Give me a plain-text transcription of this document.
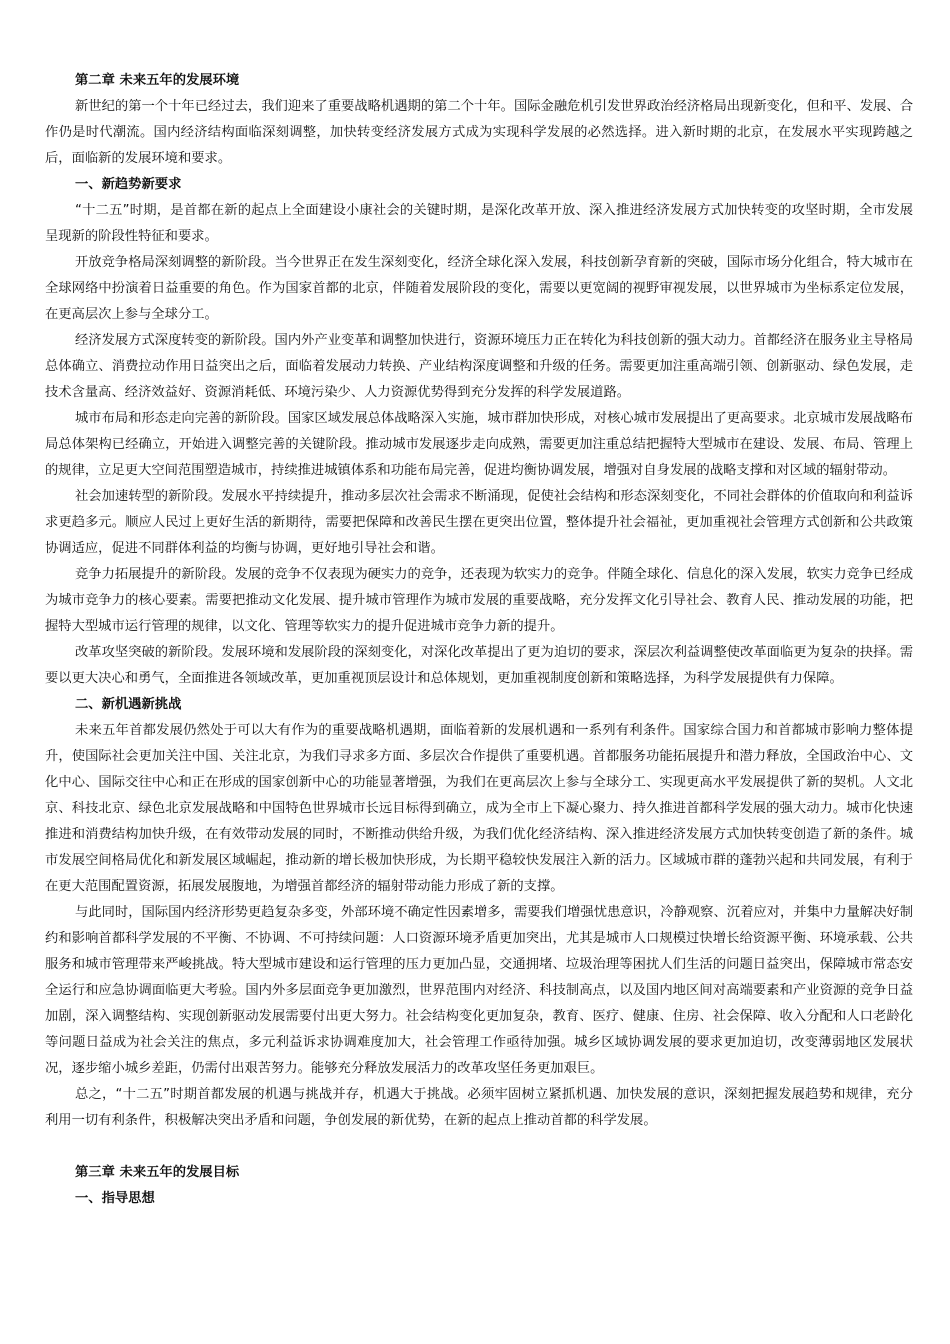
第二章 未来五年的发展环境

新世纪的第一个十年已经过去，我们迎来了重要战略机遇期的第二个十年。国际金融危机引发世界政治经济格局出现新变化，但和平、发展、合作仍是时代潮流。国内经济结构面临深刻调整，加快转变经济发展方式成为实现科学发展的必然选择。进入新时期的北京，在发展水平实现跨越之后，面临新的发展环境和要求。

一、新趋势新要求

“十二五”时期，是首都在新的起点上全面建设小康社会的关键时期，是深化改革开放、深入推进经济发展方式加快转变的攻坚时期，全市发展呈现新的阶段性特征和要求。

开放竞争格局深刻调整的新阶段。当今世界正在发生深刻变化，经济全球化深入发展，科技创新孕育新的突破，国际市场分化组合，特大城市在全球网络中扮演着日益重要的角色。作为国家首都的北京，伴随着发展阶段的变化，需要以更宽阔的视野审视发展，以世界城市为坐标系定位发展，在更高层次上参与全球分工。

经济发展方式深度转变的新阶段。国内外产业变革和调整加快进行，资源环境压力正在转化为科技创新的强大动力。首都经济在服务业主导格局总体确立、消费拉动作用日益突出之后，面临着发展动力转换、产业结构深度调整和升级的任务。需要更加注重高端引领、创新驱动、绿色发展，走技术含量高、经济效益好、资源消耗低、环境污染少、人力资源优势得到充分发挥的科学发展道路。

城市布局和形态走向完善的新阶段。国家区域发展总体战略深入实施，城市群加快形成，对核心城市发展提出了更高要求。北京城市发展战略布局总体架构已经确立，开始进入调整完善的关键阶段。推动城市发展逐步走向成熟，需要更加注重总结把握特大型城市在建设、发展、布局、管理上的规律，立足更大空间范围塑造城市，持续推进城镇体系和功能布局完善，促进均衡协调发展，增强对自身发展的战略支撑和对区域的辐射带动。

社会加速转型的新阶段。发展水平持续提升，推动多层次社会需求不断涌现，促使社会结构和形态深刻变化，不同社会群体的价值取向和利益诉求更趋多元。顺应人民过上更好生活的新期待，需要把保障和改善民生摆在更突出位置，整体提升社会福祉，更加重视社会管理方式创新和公共政策协调适应，促进不同群体利益的均衡与协调，更好地引导社会和谐。

竞争力拓展提升的新阶段。发展的竞争不仅表现为硬实力的竞争，还表现为软实力的竞争。伴随全球化、信息化的深入发展，软实力竞争已经成为城市竞争力的核心要素。需要把推动文化发展、提升城市管理作为城市发展的重要战略，充分发挥文化引导社会、教育人民、推动发展的功能，把握特大型城市运行管理的规律，以文化、管理等软实力的提升促进城市竞争力新的提升。

改革攻坚突破的新阶段。发展环境和发展阶段的深刻变化，对深化改革提出了更为迫切的要求，深层次利益调整使改革面临更为复杂的抉择。需要以更大决心和勇气，全面推进各领域改革，更加重视顶层设计和总体规划，更加重视制度创新和策略选择，为科学发展提供有力保障。

二、新机遇新挑战

未来五年首都发展仍然处于可以大有作为的重要战略机遇期，面临着新的发展机遇和一系列有利条件。国家综合国力和首都城市影响力整体提升，使国际社会更加关注中国、关注北京，为我们寻求多方面、多层次合作提供了重要机遇。首都服务功能拓展提升和潜力释放，全国政治中心、文化中心、国际交往中心和正在形成的国家创新中心的功能显著增强，为我们在更高层次上参与全球分工、实现更高水平发展提供了新的契机。人文北京、科技北京、绿色北京发展战略和中国特色世界城市长远目标得到确立，成为全市上下凝心聚力、持久推进首都科学发展的强大动力。城市化快速推进和消费结构加快升级，在有效带动发展的同时，不断推动供给升级，为我们优化经济结构、深入推进经济发展方式加快转变创造了新的条件。城市发展空间格局优化和新发展区域崛起，推动新的增长极加快形成，为长期平稳较快发展注入新的活力。区域城市群的蓬勃兴起和共同发展，有利于在更大范围配置资源，拓展发展腹地，为增强首都经济的辐射带动能力形成了新的支撑。

与此同时，国际国内经济形势更趋复杂多变，外部环境不确定性因素增多，需要我们增强忧患意识，冷静观察、沉着应对，并集中力量解决好制约和影响首都科学发展的不平衡、不协调、不可持续问题：人口资源环境矛盾更加突出，尤其是城市人口规模过快增长给资源平衡、环境承载、公共服务和城市管理带来严峻挑战。特大型城市建设和运行管理的压力更加凸显，交通拥堵、垃圾治理等困扰人们生活的问题日益突出，保障城市常态安全运行和应急协调面临更大考验。国内外多层面竞争更加激烈，世界范围内对经济、科技制高点，以及国内地区间对高端要素和产业资源的竞争日益加剧，深入调整结构、实现创新驱动发展需要付出更大努力。社会结构变化更加复杂，教育、医疗、健康、住房、社会保障、收入分配和人口老龄化等问题日益成为社会关注的焦点，多元利益诉求协调难度加大，社会管理工作亟待加强。城乡区域协调发展的要求更加迫切，改变薄弱地区发展状况，逐步缩小城乡差距，仍需付出艰苦努力。能够充分释放发展活力的改革攻坚任务更加艰巨。

总之，“十二五”时期首都发展的机遇与挑战并存，机遇大于挑战。必须牢固树立紧抓机遇、加快发展的意识，深刻把握发展趋势和规律，充分利用一切有利条件，积极解决突出矛盾和问题，争创发展的新优势，在新的起点上推动首都的科学发展。

第三章 未来五年的发展目标

一、指导思想
